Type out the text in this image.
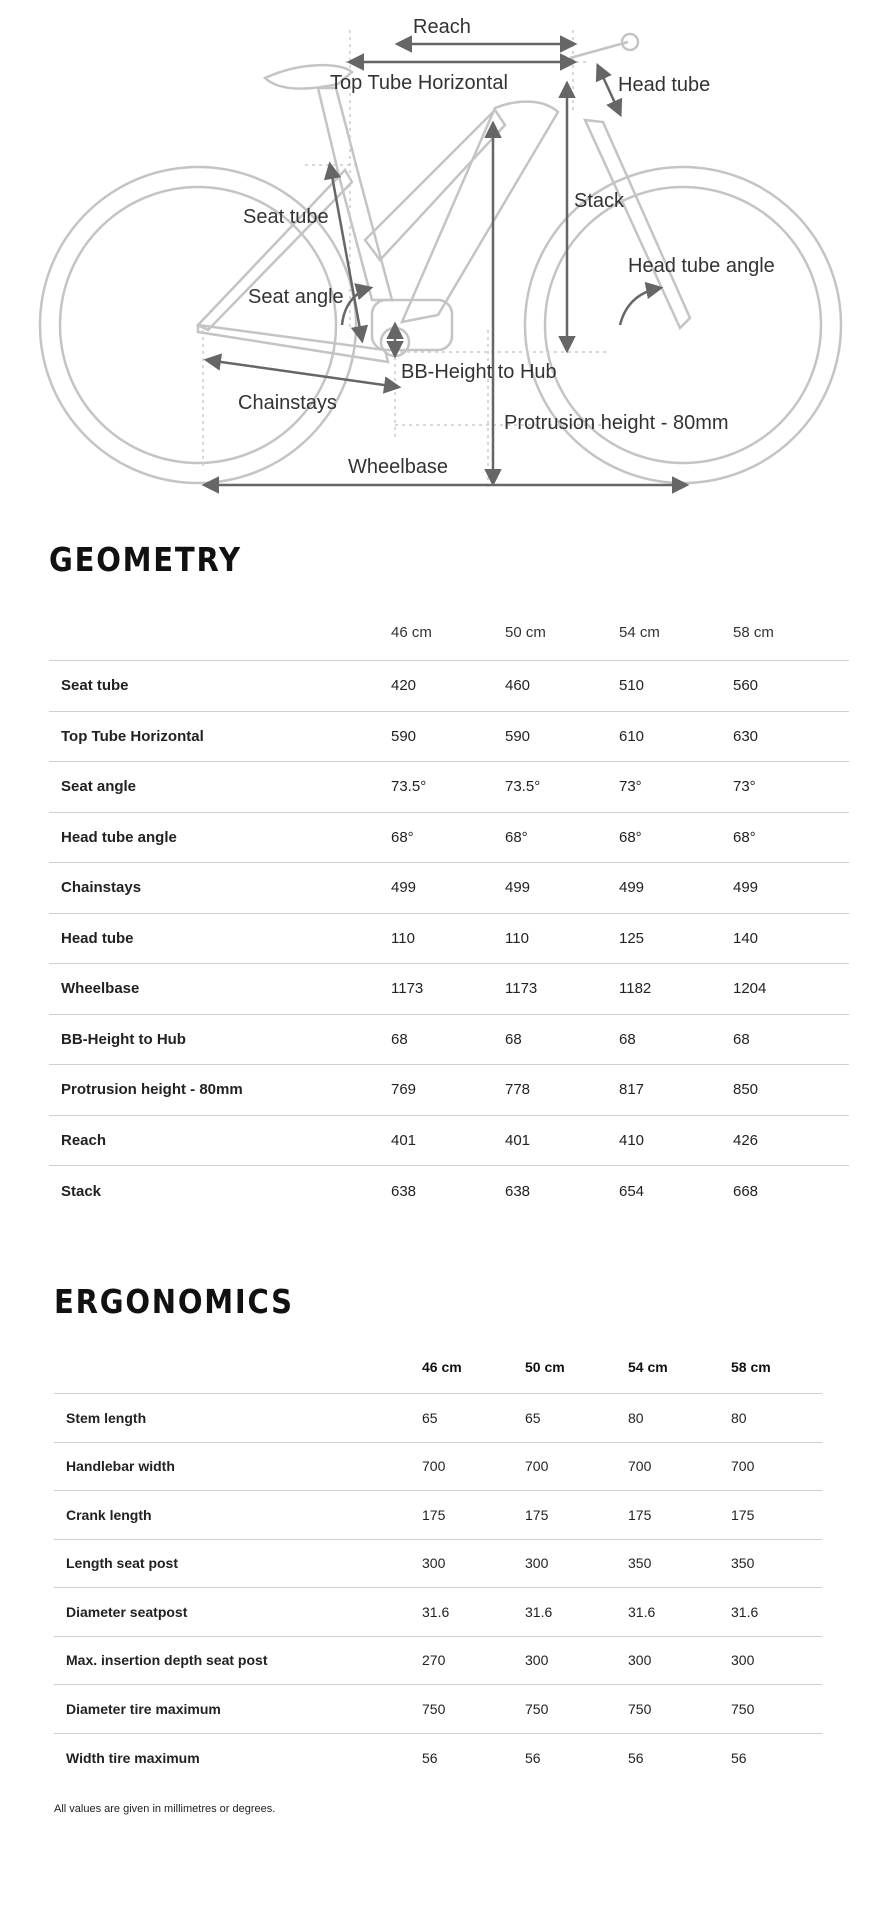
Reach
Top Tube Horizontal	Head tube
Stack
Seat tube
Head tube angle
Seat angle
BB-Height to Hub
Chainstays
Protrusion height - 80mm
Wheelbase
GEOMETRY
	46 cm	50 cm	54 cm	58 cm
Seat tube	420	460	510	560
Top Tube Horizontal	590	590	610	630
Seat angle	73.5°	73.5°	73°	73°
Head tube angle	68°	68°	68°	68°
Chainstays	499	499	499	499
Head tube	110	110	125	140
Wheelbase	1173	1173	1182	1204
BB-Height to Hub	68	68	68	68
Protrusion height - 80mm	769	778	817	850
Reach	401	401	410	426
Stack	638	638	654	668
ERGONOMICS
	46 cm	50 cm	54 cm	58 cm
Stem length	65	65	80	80
Handlebar width	700	700	700	700
Crank length	175	175	175	175
Length seat post	300	300	350	350
Diameter seatpost	31.6	31.6	31.6	31.6
Max. insertion depth seat post	270	300	300	300
Diameter tire maximum	750	750	750	750
Width tire maximum	56	56	56	56

All values are given in millimetres or degrees.
